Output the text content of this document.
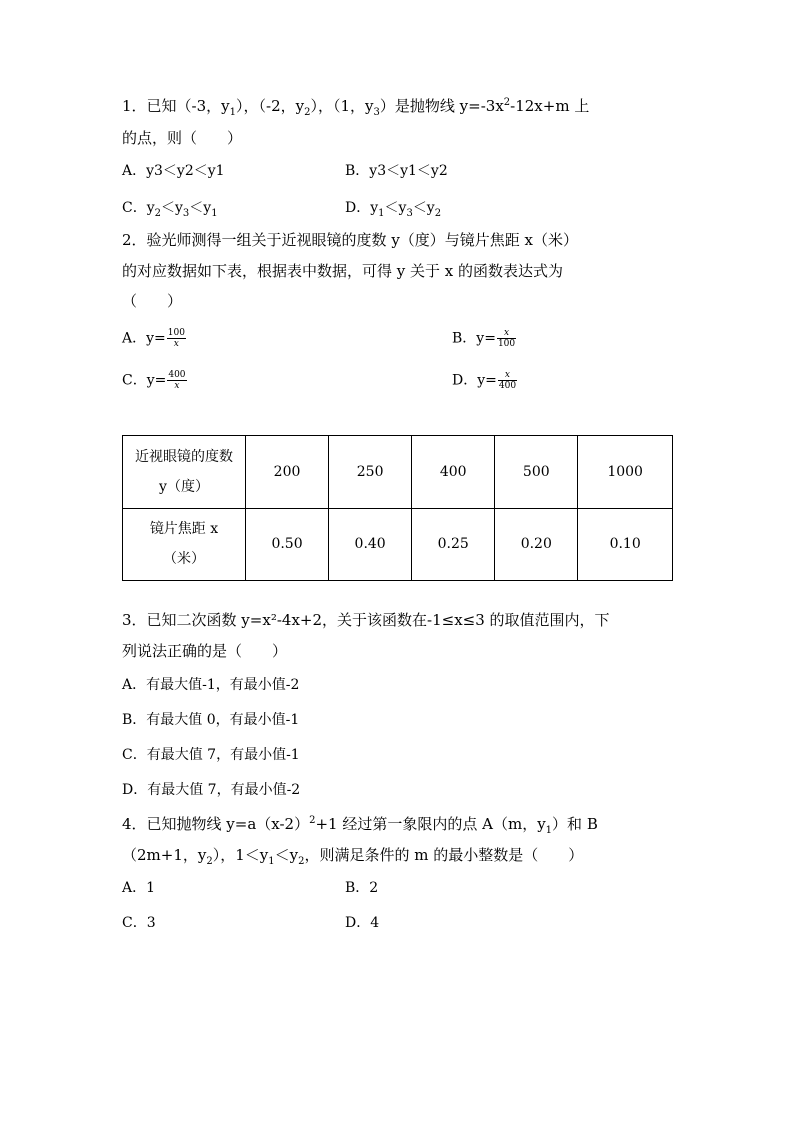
1．已知（-3，$y_1$），（-2，$y_2$），（1，$y_3$）是抛物线 $y=-3x^2-12x+m$ 上
的点，则（　　）
A．y3＜y2＜y1	B．y3＜y1＜y2
C．$y_2<y_3<y_1$	D．$y_1<y_3<y_2$
2．验光师测得一组关于近视眼镜的度数 y（度）与镜片焦距 x（米）
的对应数据如下表，根据表中数据，可得 y 关于 x 的函数表达式为
（　　）
A．$y= \frac{100}{x}$	B．$y= \frac{x}{100}$
C．$y= \frac{400}{x}$	D．$y= \frac{x}{400}$
近视眼镜的度数
y（度）	200	250	400	500	1000
镜片焦距 x
（米）	0.50	0.40	0.25	0.20	0.10
3．已知二次函数 y=x²-4x+2，关于该函数在-1≤x≤3 的取值范围内，下
列说法正确的是（　　）
A．有最大值-1，有最小值-2
B．有最大值 0，有最小值-1
C．有最大值 7，有最小值-1
D．有最大值 7，有最小值-2
4．已知抛物线 $y=a(x-2)^2+1$ 经过第一象限内的点 A（m，$y_1$）和 B
（2m+1，$y_2$），$1<y_1<y_2$，则满足条件的 m 的最小整数是（　　）
A．1	B．2
C．3	D．4
